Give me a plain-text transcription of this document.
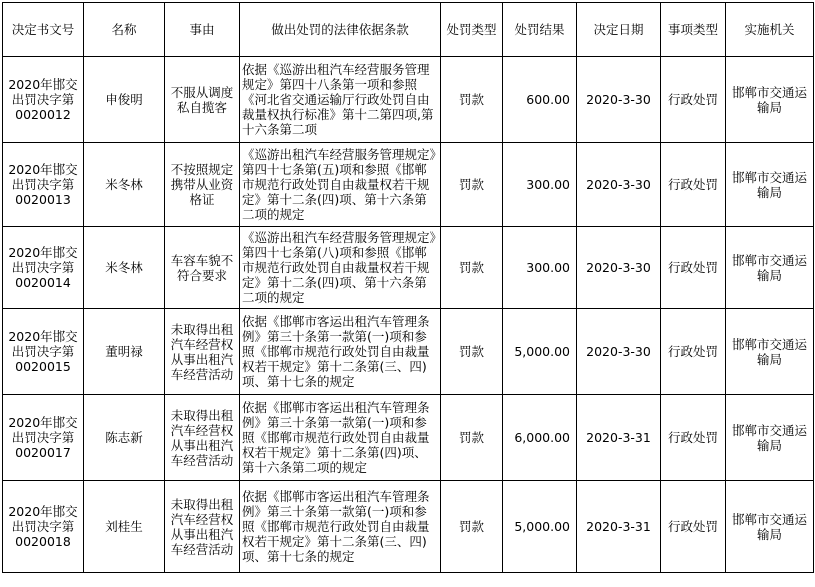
决定书文号	名称	事由	做出处罚的法律依据条款	处罚类型	处罚结果	决定日期	事项类型	实施机关
2020年邯交出罚决字第0020012	申俊明	不服从调度私自揽客	依据《巡游出租汽车经营服务管理规定》第四十八条第一项和参照《河北省交通运输厅行政处罚自由裁量权执行标准》第十二第四项,第十六条第二项	罚款	600.00	2020-3-30	行政处罚	邯郸市交通运输局
2020年邯交出罚决字第0020013	米冬林	不按照规定携带从业资格证	《巡游出租汽车经营服务管理规定》第四十七条第(五)项和参照《邯郸市规范行政处罚自由裁量权若干规定》第十二条(四)项、第十六条第二项的规定	罚款	300.00	2020-3-30	行政处罚	邯郸市交通运输局
2020年邯交出罚决字第0020014	米冬林	车容车貌不符合要求	《巡游出租汽车经营服务管理规定》第四十七条第(八)项和参照《邯郸市规范行政处罚自由裁量权若干规定》第十二条(四)项、第十六条第二项的规定	罚款	300.00	2020-3-30	行政处罚	邯郸市交通运输局
2020年邯交出罚决字第0020015	董明禄	未取得出租汽车经营权从事出租汽车经营活动	依据《邯郸市客运出租汽车管理条例》第三十条第一款第(一)项和参照《邯郸市规范行政处罚自由裁量权若干规定》第十二条第(三、四)项、第十七条的规定	罚款	5,000.00	2020-3-30	行政处罚	邯郸市交通运输局
2020年邯交出罚决字第0020017	陈志新	未取得出租汽车经营权从事出租汽车经营活动	依据《邯郸市客运出租汽车管理条例》第三十条第一款第(一)项和参照《邯郸市规范行政处罚自由裁量权若干规定》第十二条第(四)项、第十六条第二项的规定	罚款	6,000.00	2020-3-31	行政处罚	邯郸市交通运输局
2020年邯交出罚决字第0020018	刘桂生	未取得出租汽车经营权从事出租汽车经营活动	依据《邯郸市客运出租汽车管理条例》第三十条第一款第(一)项和参照《邯郸市规范行政处罚自由裁量权若干规定》第十二条第(三、四)项、第十七条的规定	罚款	5,000.00	2020-3-31	行政处罚	邯郸市交通运输局
